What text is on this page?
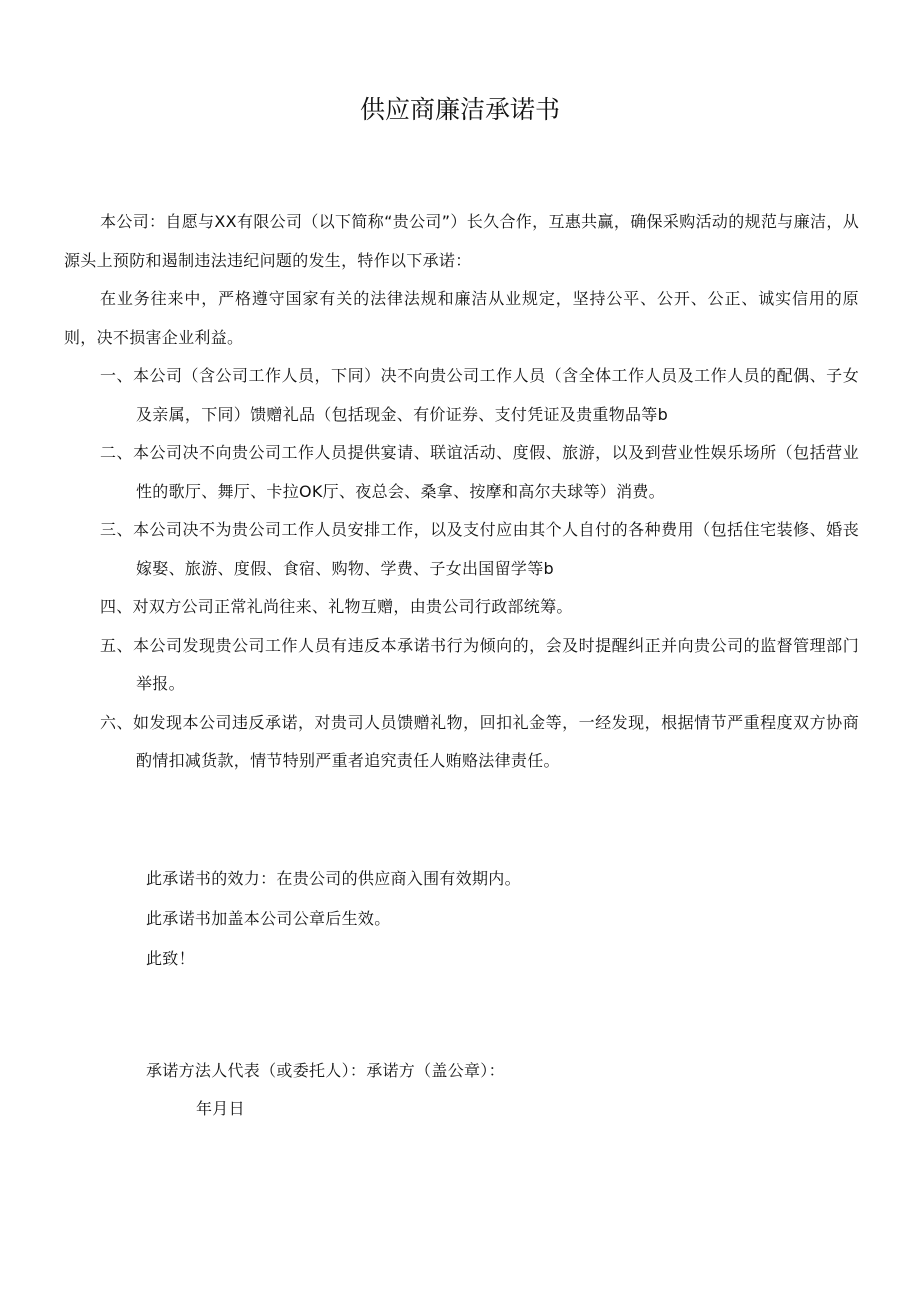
供应商廉洁承诺书

本公司：自愿与XX有限公司（以下简称“贵公司”）长久合作，互惠共赢，确保采购活动的规范与廉洁，从源头上预防和遏制违法违纪问题的发生，特作以下承诺：

在业务往来中，严格遵守国家有关的法律法规和廉洁从业规定，坚持公平、公开、公正、诚实信用的原则，决不损害企业利益。

一、本公司（含公司工作人员，下同）决不向贵公司工作人员（含全体工作人员及工作人员的配偶、子女及亲属，下同）馈赠礼品（包括现金、有价证券、支付凭证及贵重物品等b

二、本公司决不向贵公司工作人员提供宴请、联谊活动、度假、旅游，以及到营业性娱乐场所（包括营业性的歌厅、舞厅、卡拉OK厅、夜总会、桑拿、按摩和高尔夫球等）消费。

三、本公司决不为贵公司工作人员安排工作，以及支付应由其个人自付的各种费用（包括住宅装修、婚丧嫁娶、旅游、度假、食宿、购物、学费、子女出国留学等b

四、对双方公司正常礼尚往来、礼物互赠，由贵公司行政部统筹。

五、本公司发现贵公司工作人员有违反本承诺书行为倾向的，会及时提醒纠正并向贵公司的监督管理部门举报。

六、如发现本公司违反承诺，对贵司人员馈赠礼物，回扣礼金等，一经发现，根据情节严重程度双方协商酌情扣减货款，情节特别严重者追究责任人贿赂法律责任。

此承诺书的效力：在贵公司的供应商入围有效期内。

此承诺书加盖本公司公章后生效。

此致！

承诺方法人代表（或委托人）：承诺方（盖公章）：

年月日
